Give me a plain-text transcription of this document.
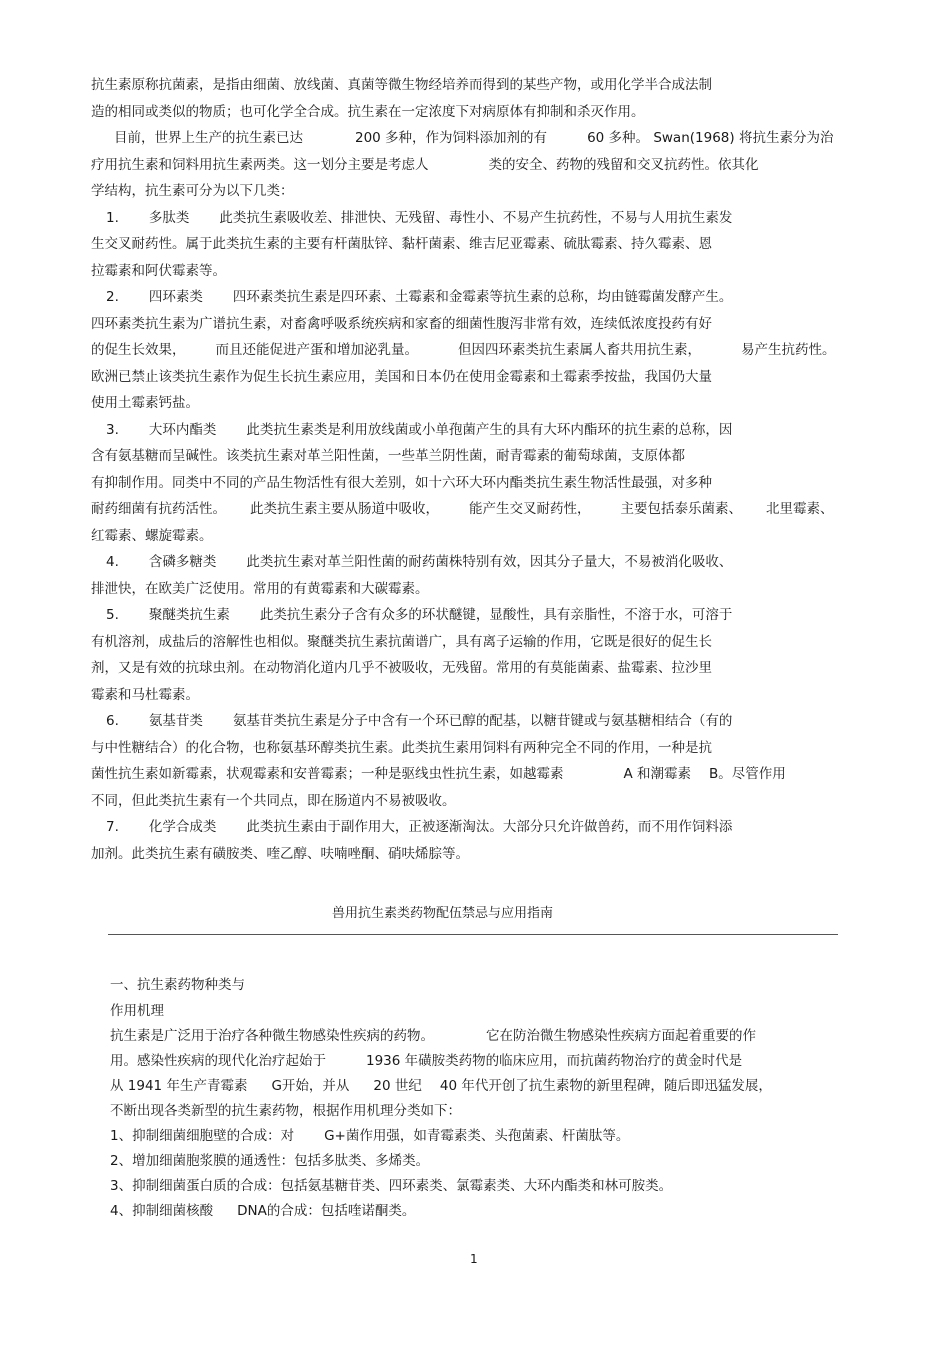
抗生素原称抗菌素，是指由细菌、放线菌、真菌等微生物经培养而得到的某些产物，或用化学半合成法制
造的相同或类似的物质；也可化学全合成。抗生素在一定浓度下对病原体有抑制和杀灭作用。
目前，世界上生产的抗生素已达	200 多种，作为饲料添加剂的有	60 多种。 Swan(1968) 将抗生素分为治
疗用抗生素和饲料用抗生素两类。这一划分主要是考虑人	类的安全、药物的残留和交叉抗药性。依其化
学结构，抗生素可分为以下几类：
1. 多肽类 此类抗生素吸收差、排泄快、无残留、毒性小、不易产生抗药性，不易与人用抗生素发
生交叉耐药性。属于此类抗生素的主要有杆菌肽锌、黏杆菌素、维吉尼亚霉素、硫肽霉素、持久霉素、恩
拉霉素和阿伏霉素等。
2. 四环素类 四环素类抗生素是四环素、土霉素和金霉素等抗生素的总称，均由链霉菌发酵产生。
四环素类抗生素为广谱抗生素，对畜禽呼吸系统疾病和家畜的细菌性腹泻非常有效，连续低浓度投药有好
的促生长效果， 而且还能促进产蛋和增加泌乳量。	但因四环素类抗生素属人畜共用抗生素，	易产生抗药性。
欧洲已禁止该类抗生素作为促生长抗生素应用，美国和日本仍在使用金霉素和土霉素季按盐，我国仍大量
使用土霉素钙盐。
3. 大环内酯类 此类抗生素类是利用放线菌或小单孢菌产生的具有大环内酯环的抗生素的总称，因
含有氨基糖而呈碱性。该类抗生素对革兰阳性菌，一些革兰阴性菌，耐青霉素的葡萄球菌，支原体都
有抑制作用。同类中不同的产品生物活性有很大差别，如十六环大环内酯类抗生素生物活性最强，对多种
耐药细菌有抗药活性。 此类抗生素主要从肠道中吸收， 能产生交叉耐药性， 主要包括泰乐菌素、 北里霉素、
红霉素、螺旋霉素。
4. 含磷多糖类 此类抗生素对革兰阳性菌的耐药菌株特别有效，因其分子量大，不易被消化吸收、
排泄快，在欧美广泛使用。常用的有黄霉素和大碳霉素。
5. 聚醚类抗生素 此类抗生素分子含有众多的环状醚键，显酸性，具有亲脂性，不溶于水，可溶于
有机溶剂，成盐后的溶解性也相似。聚醚类抗生素抗菌谱广，具有离子运输的作用，它既是很好的促生长
剂，又是有效的抗球虫剂。在动物消化道内几乎不被吸收，无残留。常用的有莫能菌素、盐霉素、拉沙里
霉素和马杜霉素。
6. 氨基苷类 氨基苷类抗生素是分子中含有一个环已醇的配基，以糖苷键或与氨基糖相结合（有的
与中性糖结合）的化合物，也称氨基环醇类抗生素。此类抗生素用饲料有两种完全不同的作用，一种是抗
菌性抗生素如新霉素，状观霉素和安普霉素；一种是驱线虫性抗生素，如越霉素	A 和潮霉素 B。尽管作用
不同，但此类抗生素有一个共同点，即在肠道内不易被吸收。
7. 化学合成类 此类抗生素由于副作用大，正被逐渐淘汰。大部分只允许做兽药，而不用作饲料添
加剂。此类抗生素有磺胺类、喹乙醇、呋喃唑酮、硝呋烯腙等。
兽用抗生素类药物配伍禁忌与应用指南
一、抗生素药物种类与
作用机理
抗生素是广泛用于治疗各种微生物感染性疾病的药物。	它在防治微生物感染性疾病方面起着重要的作
用。感染性疾病的现代化治疗起始于	1936 年磺胺类药物的临床应用，而抗菌药物治疗的黄金时代是
从 1941 年生产青霉素 G开始，并从 20 世纪 40 年代开创了抗生素物的新里程碑，随后即迅猛发展，
不断出现各类新型的抗生素药物，根据作用机理分类如下：
1、抑制细菌细胞壁的合成：对 G+菌作用强，如青霉素类、头孢菌素、杆菌肽等。
2、增加细菌胞浆膜的通透性：包括多肽类、多烯类。
3、抑制细菌蛋白质的合成：包括氨基糖苷类、四环素类、氯霉素类、大环内酯类和林可胺类。
4、抑制细菌核酸 DNA的合成：包括喹诺酮类。
1
